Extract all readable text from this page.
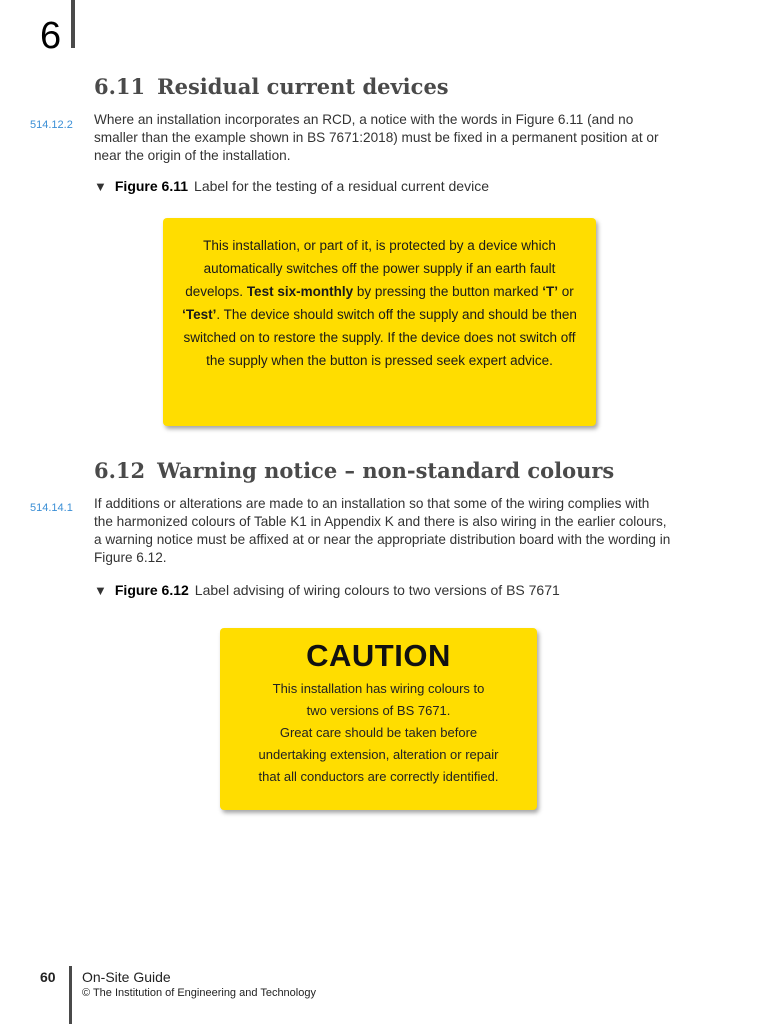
6
6.11 Residual current devices
514.12.2 Where an installation incorporates an RCD, a notice with the words in Figure 6.11 (and no smaller than the example shown in BS 7671:2018) must be fixed in a permanent position at or near the origin of the installation.

▼ Figure 6.11 Label for the testing of a residual current device

This installation, or part of it, is protected by a device which automatically switches off the power supply if an earth fault develops. Test six-monthly by pressing the button marked ‘T’ or ‘Test’. The device should switch off the supply and should be then switched on to restore the supply. If the device does not switch off the supply when the button is pressed seek expert advice.

6.12 Warning notice – non-standard colours
514.14.1 If additions or alterations are made to an installation so that some of the wiring complies with the harmonized colours of Table K1 in Appendix K and there is also wiring in the earlier colours, a warning notice must be affixed at or near the appropriate distribution board with the wording in Figure 6.12.

▼ Figure 6.12 Label advising of wiring colours to two versions of BS 7671
CAUTION
This installation has wiring colours to
two versions of BS 7671.
Great care should be taken before
undertaking extension, alteration or repair
that all conductors are correctly identified.
60 On-Site Guide
© The Institution of Engineering and Technology
